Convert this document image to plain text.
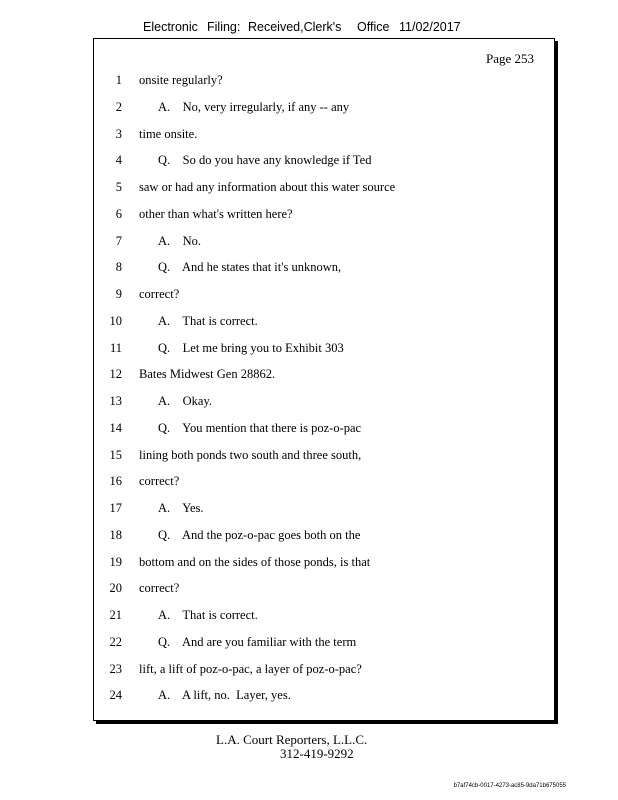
Electronic Filing: Received,Clerk's Office 11/02/2017
Page 253
1 onsite regularly?
2	A.    No, very irregularly, if any -- any
3 time onsite.
4	Q.    So do you have any knowledge if Ted
5 saw or had any information about this water source
6 other than what's written here?
7	A.    No.
8	Q.    And he states that it's unknown,
9 correct?
10	A.    That is correct.
11	Q.    Let me bring you to Exhibit 303
12 Bates Midwest Gen 28862.
13	A.    Okay.
14	Q.    You mention that there is poz-o-pac
15 lining both ponds two south and three south,
16 correct?
17	A.    Yes.
18	Q.    And the poz-o-pac goes both on the
19 bottom and on the sides of those ponds, is that
20 correct?
21	A.    That is correct.
22	Q.    And are you familiar with the term
23 lift, a lift of poz-o-pac, a layer of poz-o-pac?
24	A.    A lift, no.  Layer, yes.
L.A. Court Reporters, L.L.C.
312-419-9292
b7af74cb-0017-4273-ac85-9da71b675055
